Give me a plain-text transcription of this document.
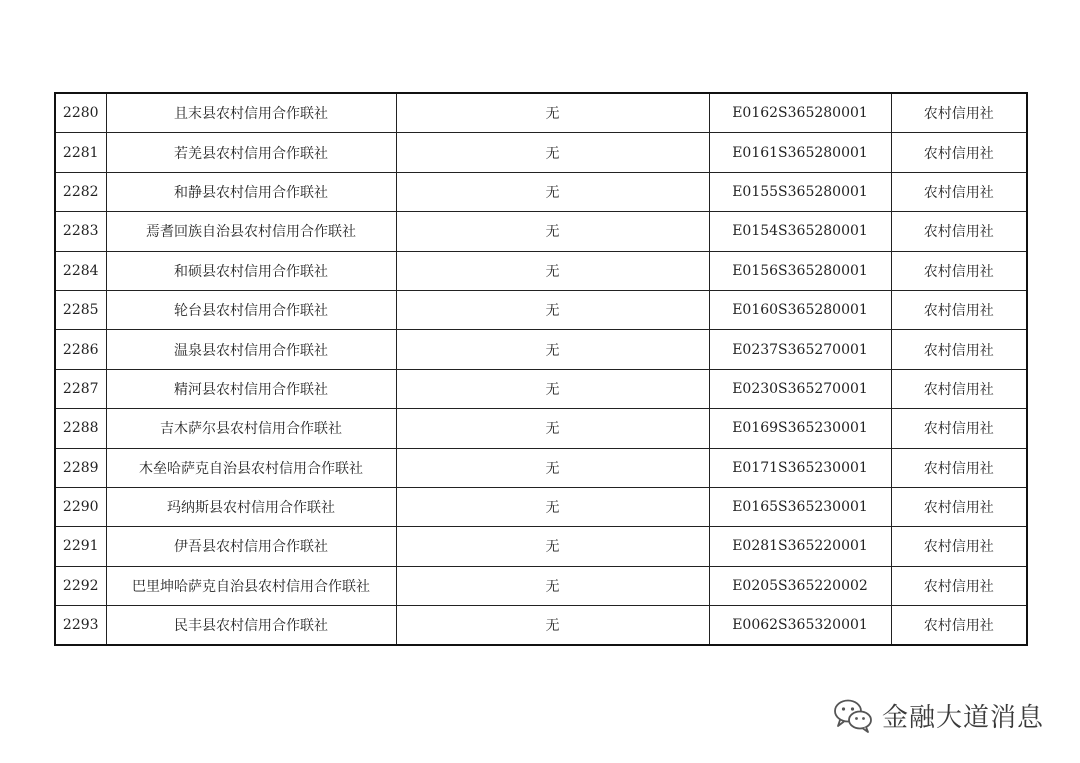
2280	且末县农村信用合作联社	无	E0162S365280001	农村信用社
2281	若羌县农村信用合作联社	无	E0161S365280001	农村信用社
2282	和静县农村信用合作联社	无	E0155S365280001	农村信用社
2283	焉耆回族自治县农村信用合作联社	无	E0154S365280001	农村信用社
2284	和硕县农村信用合作联社	无	E0156S365280001	农村信用社
2285	轮台县农村信用合作联社	无	E0160S365280001	农村信用社
2286	温泉县农村信用合作联社	无	E0237S365270001	农村信用社
2287	精河县农村信用合作联社	无	E0230S365270001	农村信用社
2288	吉木萨尔县农村信用合作联社	无	E0169S365230001	农村信用社
2289	木垒哈萨克自治县农村信用合作联社	无	E0171S365230001	农村信用社
2290	玛纳斯县农村信用合作联社	无	E0165S365230001	农村信用社
2291	伊吾县农村信用合作联社	无	E0281S365220001	农村信用社
2292	巴里坤哈萨克自治县农村信用合作联社	无	E0205S365220002	农村信用社
2293	民丰县农村信用合作联社	无	E0062S365320001	农村信用社
金融大道消息
